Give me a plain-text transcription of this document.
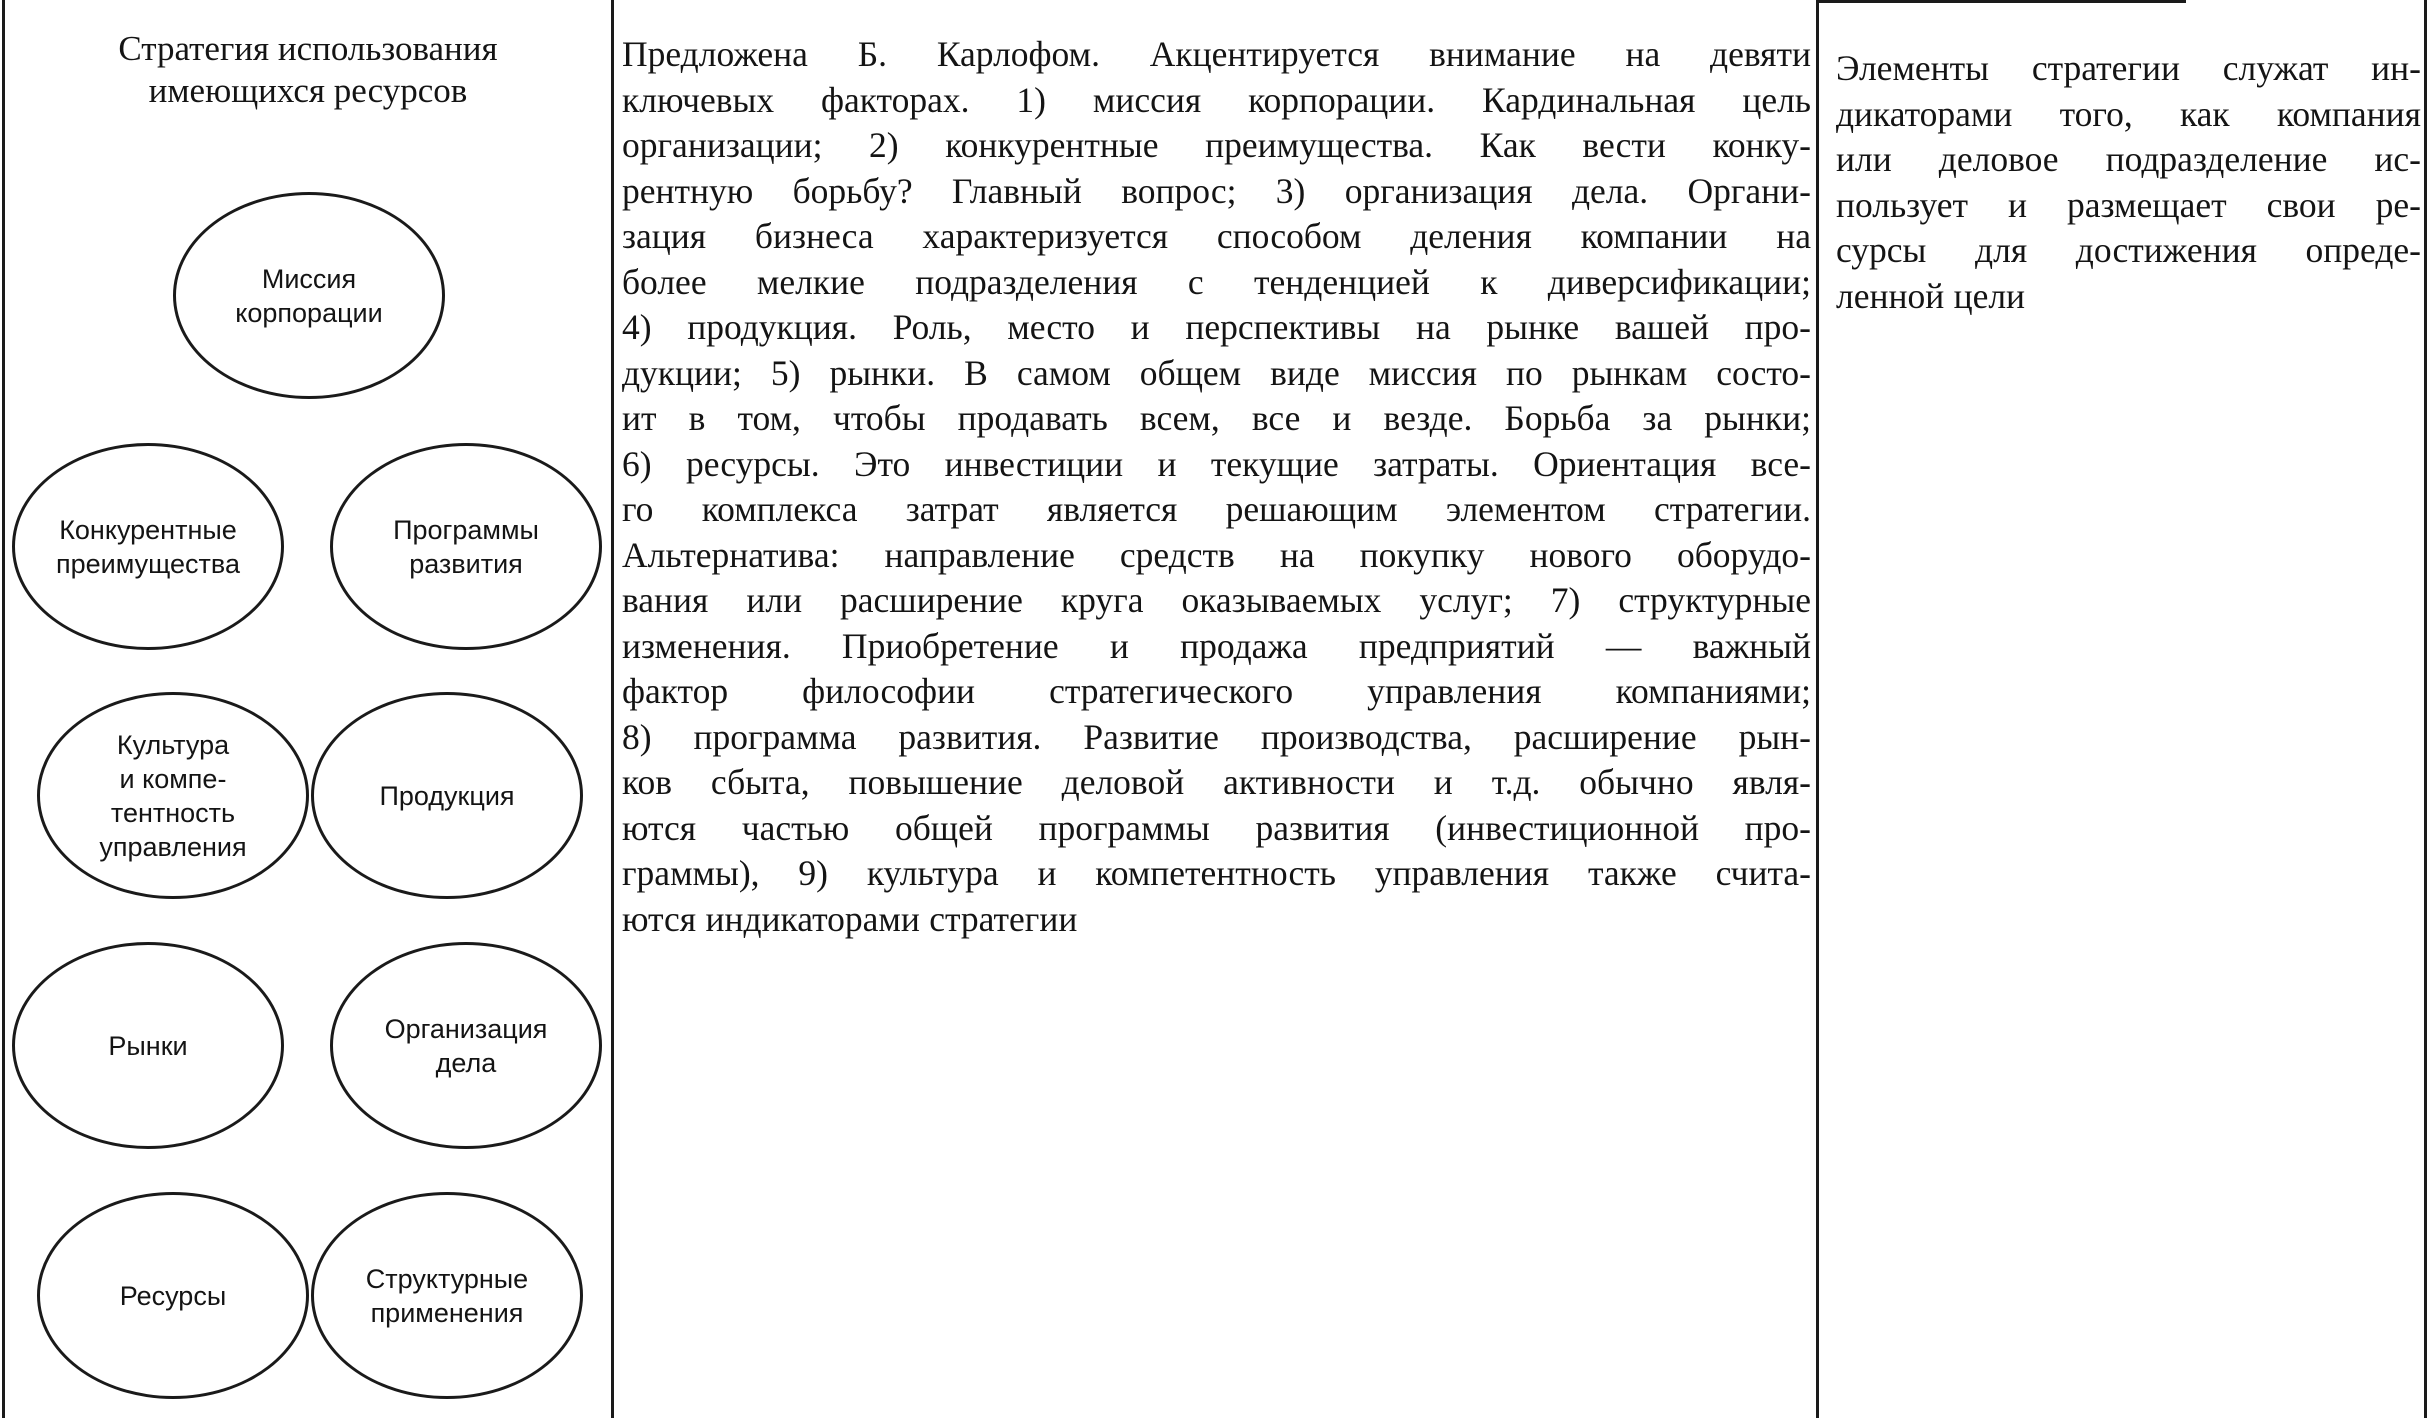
Стратегия использования
имеющихся ресурсов
Миссия
корпорации
Конкурентные
преимущества
Программы
развития
Культура
и компе-
тентность
управления
Продукция
Рынки
Организация
дела
Ресурсы
Структурные
применения
Предложена Б. Карлофом. Акцентируется внимание на девяти
ключевых факторах. 1) миссия корпорации. Кардинальная цель
организации; 2) конкурентные преимущества. Как вести конку-
рентную борьбу? Главный вопрос; 3) организация дела. Органи-
зация бизнеса характеризуется способом деления компании на
более мелкие подразделения с тенденцией к диверсификации;
4) продукция. Роль, место и перспективы на рынке вашей про-
дукции; 5) рынки. В самом общем виде миссия по рынкам состо-
ит в том, чтобы продавать всем, все и везде. Борьба за рынки;
6) ресурсы. Это инвестиции и текущие затраты. Ориентация все-
го комплекса затрат является решающим элементом стратегии.
Альтернатива: направление средств на покупку нового оборудо-
вания или расширение круга оказываемых услуг; 7) структурные
изменения. Приобретение и продажа предприятий — важный
фактор философии стратегического управления компаниями;
8) программа развития. Развитие производства, расширение рын-
ков сбыта, повышение деловой активности и т.д. обычно явля-
ются частью общей программы развития (инвестиционной про-
граммы), 9) культура и компетентность управления также счита-
ются индикаторами стратегии
Элементы стратегии служат ин-
дикаторами того, как компания
или деловое подразделение ис-
пользует и размещает свои ре-
сурсы для достижения опреде-
ленной цели
